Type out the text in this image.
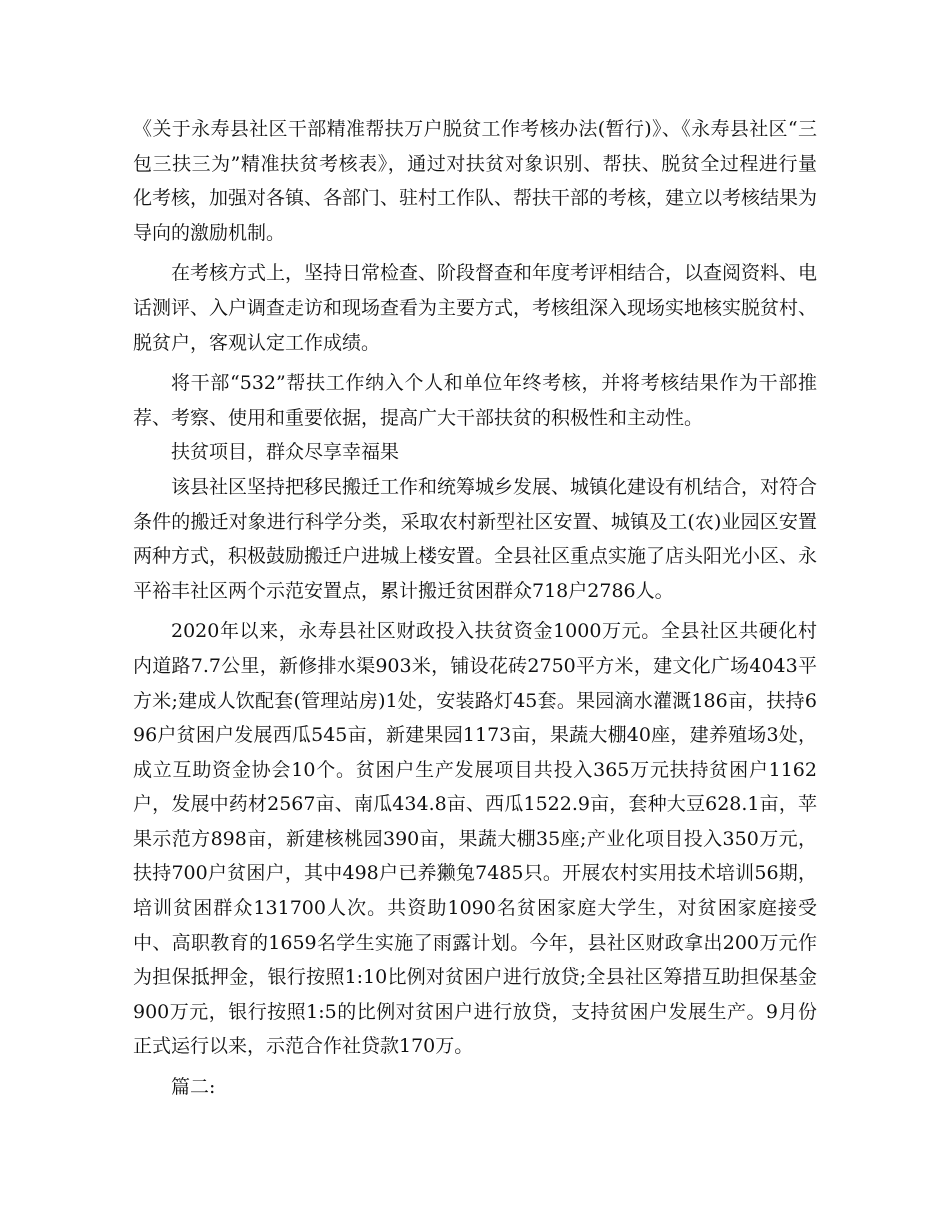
《关于永寿县社区干部精准帮扶万户脱贫工作考核办法(暂行)》、《永寿县社区“三包三扶三为”精准扶贫考核表》，通过对扶贫对象识别、帮扶、脱贫全过程进行量化考核，加强对各镇、各部门、驻村工作队、帮扶干部的考核，建立以考核结果为导向的激励机制。

在考核方式上，坚持日常检查、阶段督查和年度考评相结合，以查阅资料、电话测评、入户调查走访和现场查看为主要方式，考核组深入现场实地核实脱贫村、脱贫户，客观认定工作成绩。

将干部“532”帮扶工作纳入个人和单位年终考核，并将考核结果作为干部推荐、考察、使用和重要依据，提高广大干部扶贫的积极性和主动性。

扶贫项目，群众尽享幸福果

该县社区坚持把移民搬迁工作和统筹城乡发展、城镇化建设有机结合，对符合条件的搬迁对象进行科学分类，采取农村新型社区安置、城镇及工(农)业园区安置两种方式，积极鼓励搬迁户进城上楼安置。全县社区重点实施了店头阳光小区、永平裕丰社区两个示范安置点，累计搬迁贫困群众718户2786人。

2020年以来，永寿县社区财政投入扶贫资金1000万元。全县社区共硬化村内道路7.7公里，新修排水渠903米，铺设花砖2750平方米，建文化广场4043平方米;建成人饮配套(管理站房)1处，安装路灯45套。果园滴水灌溉186亩，扶持696户贫困户发展西瓜545亩，新建果园1173亩，果蔬大棚40座，建养殖场3处，成立互助资金协会10个。贫困户生产发展项目共投入365万元扶持贫困户1162户，发展中药材2567亩、南瓜434.8亩、西瓜1522.9亩，套种大豆628.1亩，苹果示范方898亩，新建核桃园390亩，果蔬大棚35座;产业化项目投入350万元，扶持700户贫困户，其中498户已养獭兔7485只。开展农村实用技术培训56期，培训贫困群众131700人次。共资助1090名贫困家庭大学生，对贫困家庭接受中、高职教育的1659名学生实施了雨露计划。今年，县社区财政拿出200万元作为担保抵押金，银行按照1:10比例对贫困户进行放贷;全县社区筹措互助担保基金900万元，银行按照1:5的比例对贫困户进行放贷，支持贫困户发展生产。9月份正式运行以来，示范合作社贷款170万。

篇二:
